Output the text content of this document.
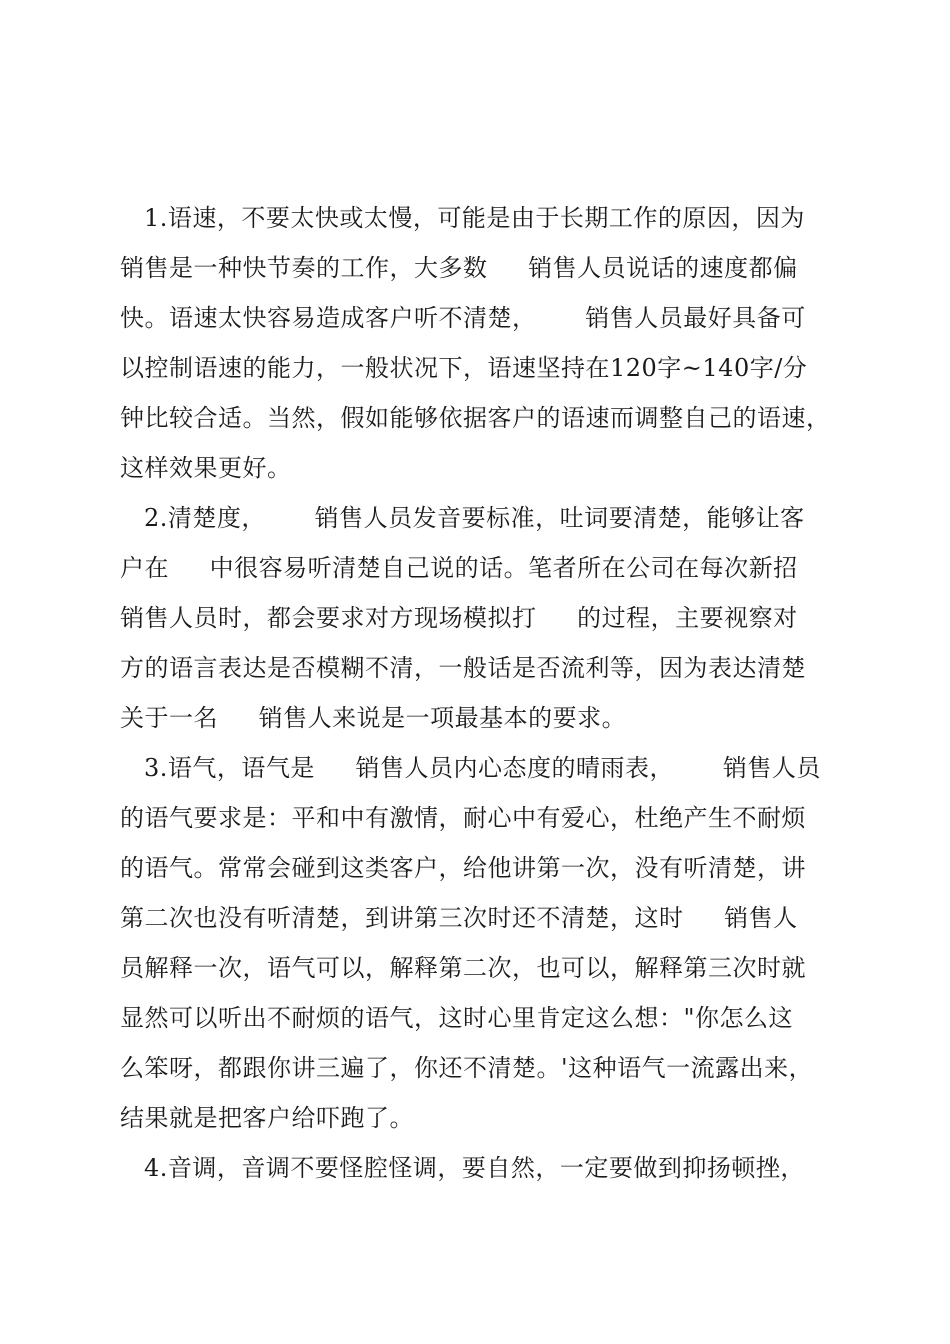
1.语速，不要太快或太慢，可能是由于长期工作的原因，因为
销售是一种快节奏的工作，大多数     销售人员说话的速度都偏
快。语速太快容易造成客户听不清楚，      销售人员最好具备可
以控制语速的能力，一般状况下，语速坚持在120字~140字/分
钟比较合适。当然，假如能够依据客户的语速而调整自己的语速，
这样效果更好。
2.清楚度，      销售人员发音要标准，吐词要清楚，能够让客
户在     中很容易听清楚自己说的话。笔者所在公司在每次新招
销售人员时，都会要求对方现场模拟打     的过程，主要视察对
方的语言表达是否模糊不清，一般话是否流利等，因为表达清楚
关于一名     销售人来说是一项最基本的要求。
3.语气，语气是     销售人员内心态度的晴雨表，      销售人员
的语气要求是：平和中有激情，耐心中有爱心，杜绝产生不耐烦
的语气。常常会碰到这类客户，给他讲第一次，没有听清楚，讲
第二次也没有听清楚，到讲第三次时还不清楚，这时     销售人
员解释一次，语气可以，解释第二次，也可以，解释第三次时就
显然可以听出不耐烦的语气，这时心里肯定这么想："你怎么这
么笨呀，都跟你讲三遍了，你还不清楚。'这种语气一流露出来，
结果就是把客户给吓跑了。
4.音调，音调不要怪腔怪调，要自然，一定要做到抑扬顿挫，
